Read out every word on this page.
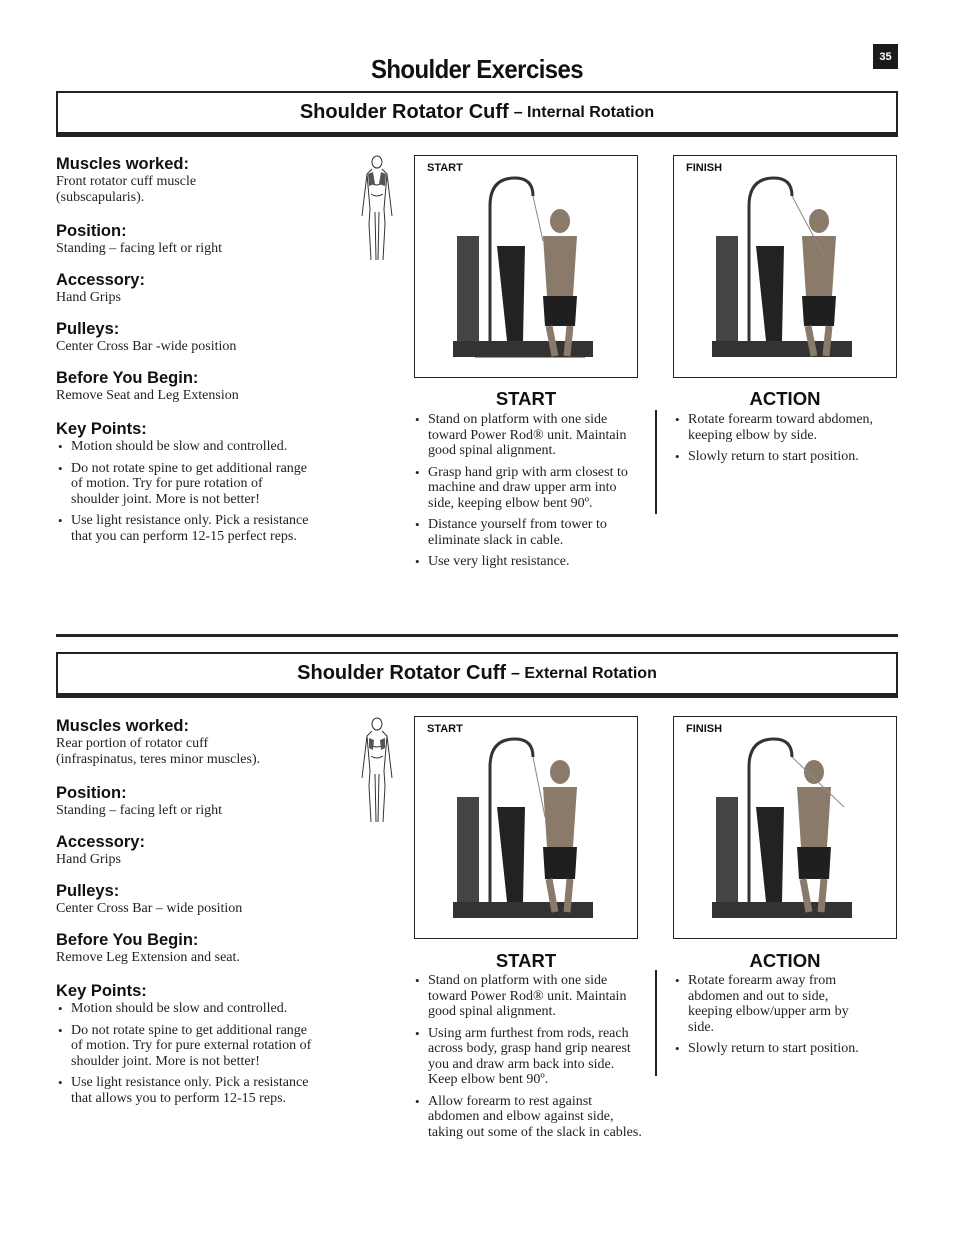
35
Shoulder Exercises
Shoulder Rotator Cuff – Internal Rotation
Muscles worked:
Front rotator cuff muscle
(subscapularis).
Position:
Standing – facing left or right
Accessory:
Hand Grips
Pulleys:
Center Cross Bar -wide position
Before You Begin:
Remove Seat and Leg Extension
Key Points:
• Motion should be slow and controlled.
• Do not rotate spine to get additional range of motion. Try for pure rotation of shoulder joint. More is not better!
• Use light resistance only. Pick a resistance that you can perform 12-15 perfect reps.
START	FINISH
START
• Stand on platform with one side toward Power Rod® unit. Maintain good spinal alignment.
• Grasp hand grip with arm closest to machine and draw upper arm into side, keeping elbow bent 90º.
• Distance yourself from tower to eliminate slack in cable.
• Use very light resistance.
ACTION
• Rotate forearm toward abdomen, keeping elbow by side.
• Slowly return to start position.
Shoulder Rotator Cuff – External Rotation
Muscles worked:
Rear portion of rotator cuff
(infraspinatus, teres minor muscles).
Position:
Standing – facing left or right
Accessory:
Hand Grips
Pulleys:
Center Cross Bar – wide position
Before You Begin:
Remove Leg Extension and seat.
Key Points:
• Motion should be slow and controlled.
• Do not rotate spine to get additional range of motion. Try for pure external rotation of shoulder joint. More is not better!
• Use light resistance only. Pick a resistance that allows you to perform 12-15 reps.
START	FINISH
START
• Stand on platform with one side toward Power Rod® unit. Maintain good spinal alignment.
• Using arm furthest from rods, reach across body, grasp hand grip nearest you and draw arm back into side. Keep elbow bent 90º.
• Allow forearm to rest against abdomen and elbow against side, taking out some of the slack in cables.
ACTION
• Rotate forearm away from abdomen and out to side, keeping elbow/upper arm by side.
• Slowly return to start position.
